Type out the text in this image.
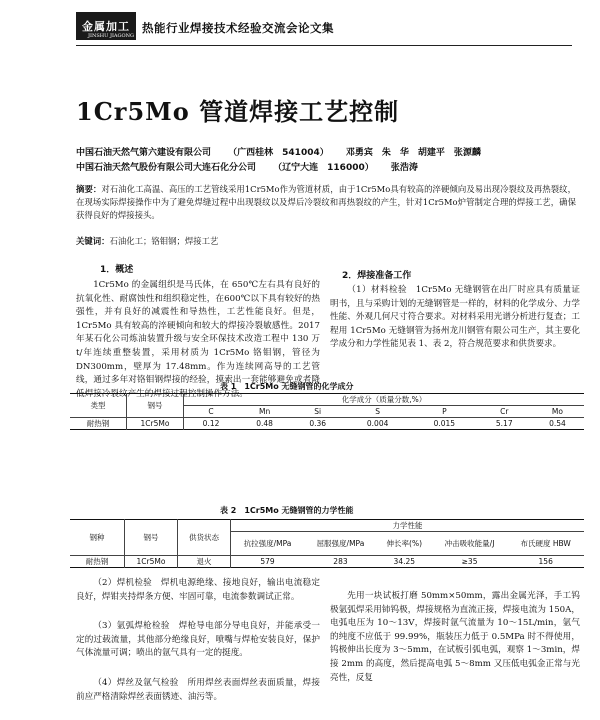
金属加工
JINSHU JIAGONG
热能行业焊接技术经验交流会论文集
1Cr5Mo 管道焊接工艺控制
中国石油天然气第六建设有限公司 （广西桂林　541004） 邓勇宾　朱　华　胡建平　张源麟
中国石油天然气股份有限公司大连石化分公司 （辽宁大连　116000） 张浩涛
摘要：对石油化工高温、高压的工艺管线采用1Cr5Mo作为管道材质，由于1Cr5Mo具有较高的淬硬倾向及易出现冷裂纹及再热裂纹，在现场实际焊接操作中为了避免焊缝过程中出现裂纹以及焊后冷裂纹和再热裂纹的产生，针对1Cr5Mo炉管制定合理的焊接工艺，确保获得良好的焊接接头。
关键词：石油化工；铬钼钢；焊接工艺
1．概述
1Cr5Mo 的金属组织是马氏体，在 650℃左右具有良好的抗氧化性、耐腐蚀性和组织稳定性，在600℃以下具有较好的热强性，并有良好的减震性和导热性，工艺性能良好。但是，1Cr5Mo 具有较高的淬硬倾向和较大的焊接冷裂敏感性。2017年某石化公司炼油装置升级与安全环保技术改造工程中 130 万 t/年连续重整装置，采用材质为 1Cr5Mo 铬钼钢，管径为 DN300mm，壁厚为 17.48mm。作为连续网高导的工艺管线，通过多年对铬钼钢焊接的经验，摸索出一套能够避免或者降低焊接冷裂纹产生的焊接过程控制操作方法。
2．焊接准备工作
（1）材料检验　1Cr5Mo 无缝钢管在出厂时应具有质量证明书，且与采购计划的无缝钢管是一样的，材料的化学成分、力学性能、外观几何尺寸符合要求。对材料采用光谱分析进行复查；工程用 1Cr5Mo 无缝钢管为扬州龙川钢管有限公司生产，其主要化学成分和力学性能见表 1、表 2，符合规范要求和供货要求。
表 1　1Cr5Mo 无缝钢管的化学成分
类型	钢号	化学成分（质量分数,%）						
		C	Mn	Si	S	P	Cr	Mo
耐热钢	1Cr5Mo	0.12	0.48	0.36	0.004	0.015	5.17	0.54
表 2　1Cr5Mo 无缝钢管的力学性能
钢种	钢号	供货状态	力学性能				
			抗拉强度/MPa	屈服强度/MPa	伸长率(%)	冲击吸收能量/J	布氏硬度 HBW
耐热钢	1Cr5Mo	退火	579	283	34.25	≥35	156
（2）焊机检验　焊机电源绝缘、接地良好，输出电流稳定良好，焊钳夹持焊条方便、牢固可靠，电流参数调试正常。
（3）氩弧焊枪检验　焊枪导电部分导电良好，并能承受一定的过载流量，其他部分绝缘良好，喷嘴与焊枪安装良好，保护气体流量可调；喷出的氩气具有一定的挺度。
（4）焊丝及氩气检验　所用焊丝表面焊丝表面质量，焊接前应严格清除焊丝表面锈迹、油污等。
先用一块试板打磨 50mm×50mm，露出金属光泽，手工钨极氩弧焊采用铈钨极，焊接规格为直流正接，焊接电流为 150A，电弧电压为 10～13V，焊接时氩气流量为 10～15L/min，氩气的纯度不应低于 99.99%，瓶装压力低于 0.5MPa 时不得使用，钨极伸出长度为 3～5mm，在试板引弧电弧，观察 1～3min，焊接 2mm 的高度，然后提高电弧 5～8mm 又压低电弧金正常与光亮性，反复
